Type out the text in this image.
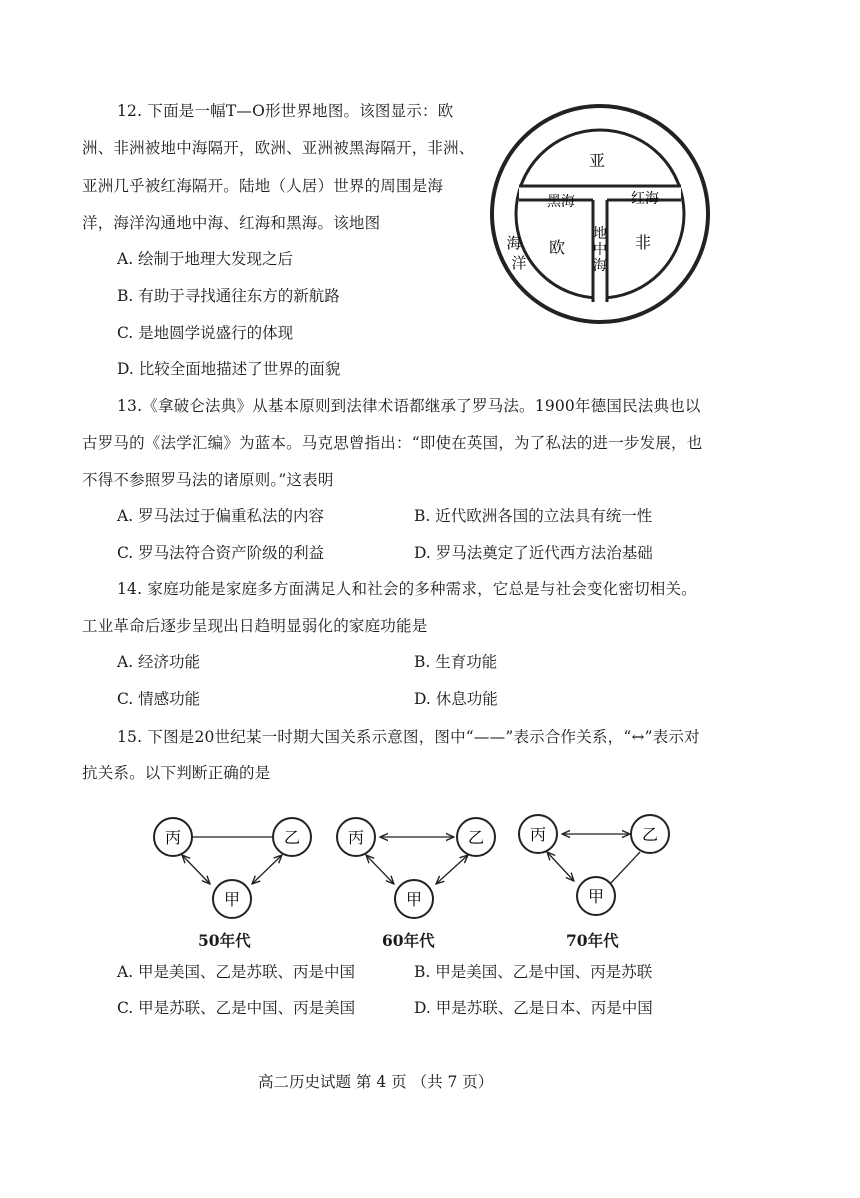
12. 下面是一幅T—O形世界地图。该图显示：欧
洲、非洲被地中海隔开，欧洲、亚洲被黑海隔开，非洲、
亚洲几乎被红海隔开。陆地（人居）世界的周围是海
洋，海洋沟通地中海、红海和黑海。该地图
A. 绘制于地理大发现之后
B. 有助于寻找通往东方的新航路
C. 是地圆学说盛行的体现
D. 比较全面地描述了世界的面貌
亚
黑海	红海
海
洋
欧
地
中
海
非
13.《拿破仑法典》从基本原则到法律术语都继承了罗马法。1900年德国民法典也以
古罗马的《法学汇编》为蓝本。马克思曾指出：“即使在英国，为了私法的进一步发展，也
不得不参照罗马法的诸原则。”这表明
A. 罗马法过于偏重私法的内容	B. 近代欧洲各国的立法具有统一性
C. 罗马法符合资产阶级的利益	D. 罗马法奠定了近代西方法治基础
14. 家庭功能是家庭多方面满足人和社会的多种需求，它总是与社会变化密切相关。
工业革命后逐步呈现出日趋明显弱化的家庭功能是
A. 经济功能	B. 生育功能
C. 情感功能	D. 休息功能
15. 下图是20世纪某一时期大国关系示意图，图中“——”表示合作关系，“↔”表示对
抗关系。以下判断正确的是
丙	乙
甲
丙	乙
甲
丙	乙
甲
50年代	60年代	70年代
A. 甲是美国、乙是苏联、丙是中国	B. 甲是美国、乙是中国、丙是苏联
C. 甲是苏联、乙是中国、丙是美国	D. 甲是苏联、乙是日本、丙是中国
高二历史试题 第 4 页 （共 7 页）
